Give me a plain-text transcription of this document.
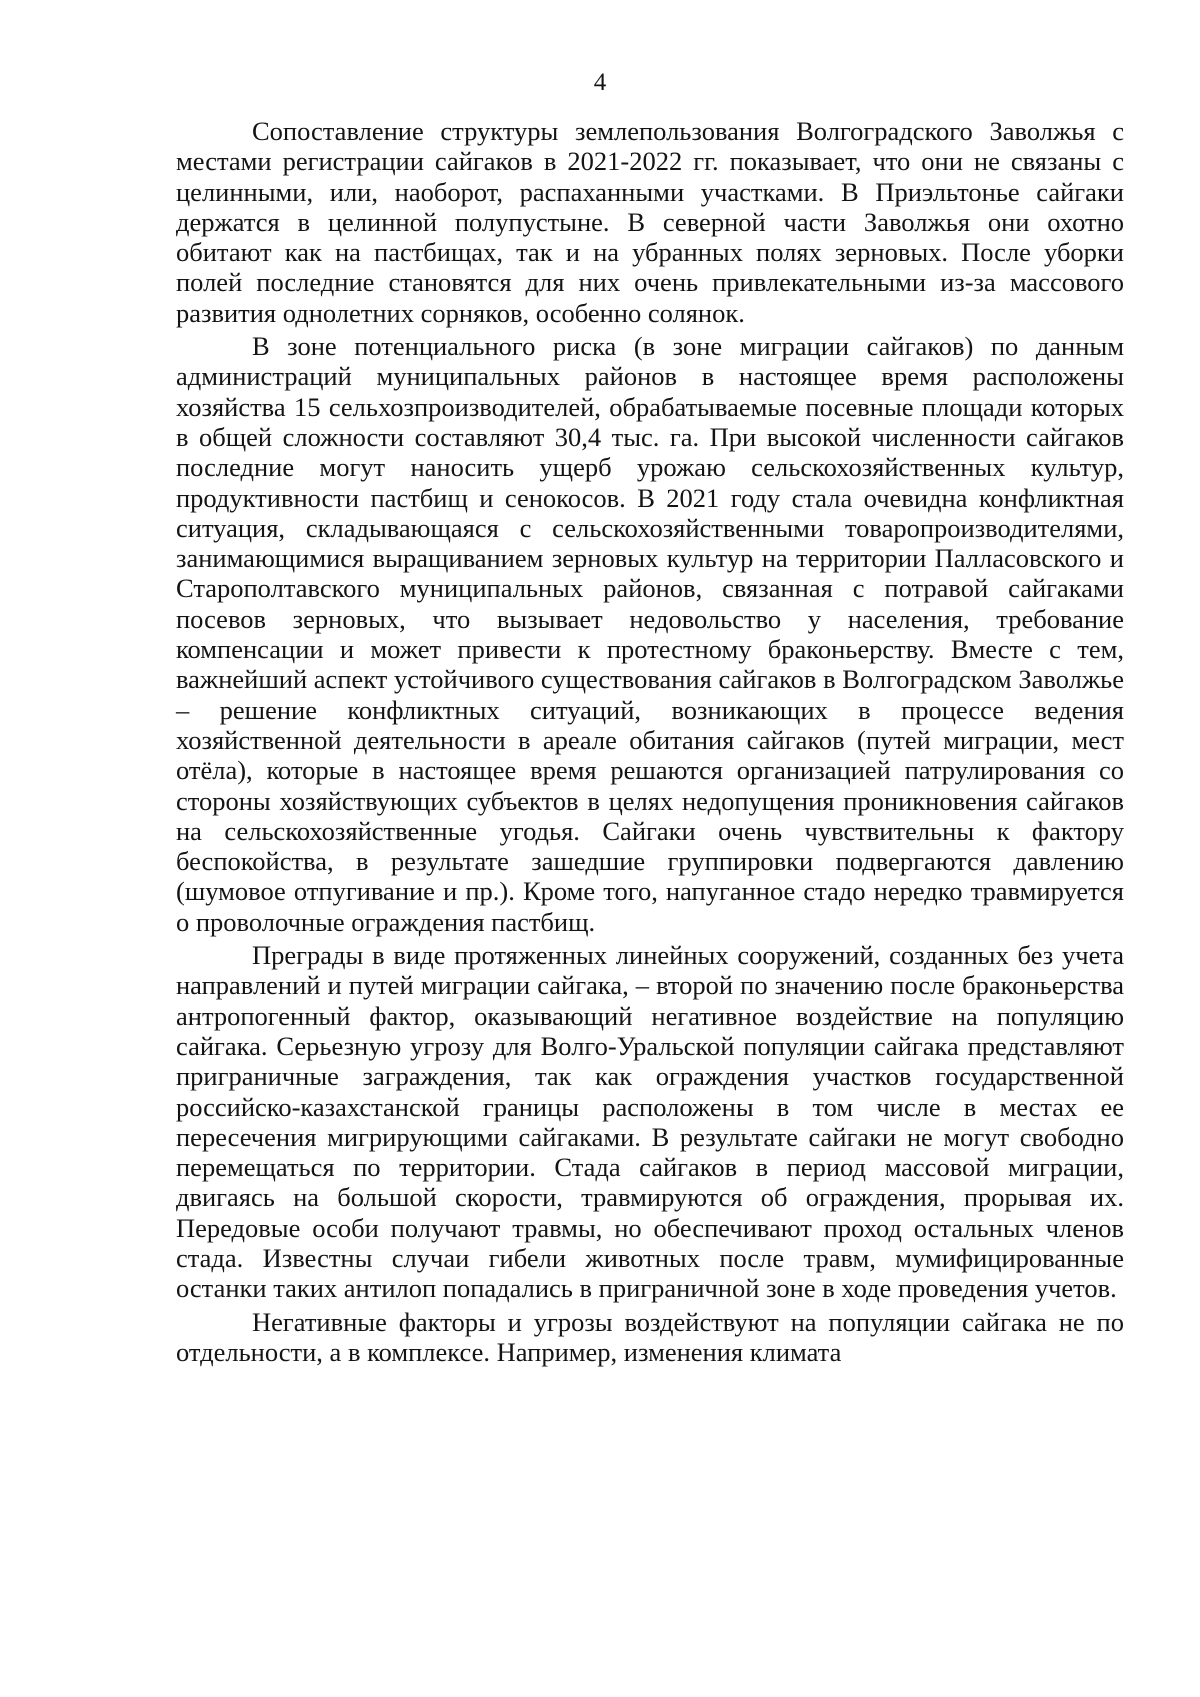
4

Сопоставление структуры землепользования Волгоградского Заволжья с местами регистрации сайгаков в 2021-2022 гг. показывает, что они не связаны с целинными, или, наоборот, распаханными участками. В Приэльтонье сайгаки держатся в целинной полупустыне. В северной части Заволжья они охотно обитают как на пастбищах, так и на убранных полях зерновых. После уборки полей последние становятся для них очень привлекательными из-за массового развития однолетних сорняков, особенно солянок.

В зоне потенциального риска (в зоне миграции сайгаков) по данным администраций муниципальных районов в настоящее время расположены хозяйства 15 сельхозпроизводителей, обрабатываемые посевные площади которых в общей сложности составляют 30,4 тыс. га. При высокой численности сайгаков последние могут наносить ущерб урожаю сельскохозяйственных культур, продуктивности пастбищ и сенокосов. В 2021 году стала очевидна конфликтная ситуация, складывающаяся с сельскохозяйственными товаропроизводителями, занимающимися выращиванием зерновых культур на территории Палласовского и Старополтавского муниципальных районов, связанная с потравой сайгаками посевов зерновых, что вызывает недовольство у населения, требование компенсации и может привести к протестному браконьерству. Вместе с тем, важнейший аспект устойчивого существования сайгаков в Волгоградском Заволжье – решение конфликтных ситуаций, возникающих в процессе ведения хозяйственной деятельности в ареале обитания сайгаков (путей миграции, мест отёла), которые в настоящее время решаются организацией патрулирования со стороны хозяйствующих субъектов в целях недопущения проникновения сайгаков на сельскохозяйственные угодья. Сайгаки очень чувствительны к фактору беспокойства, в результате зашедшие группировки подвергаются давлению (шумовое отпугивание и пр.). Кроме того, напуганное стадо нередко травмируется о проволочные ограждения пастбищ.

Преграды в виде протяженных линейных сооружений, созданных без учета направлений и путей миграции сайгака, – второй по значению после браконьерства антропогенный фактор, оказывающий негативное воздействие на популяцию сайгака. Серьезную угрозу для Волго-Уральской популяции сайгака представляют приграничные заграждения, так как ограждения участков государственной российско-казахстанской границы расположены в том числе в местах ее пересечения мигрирующими сайгаками. В результате сайгаки не могут свободно перемещаться по территории. Стада сайгаков в период массовой миграции, двигаясь на большой скорости, травмируются об ограждения, прорывая их. Передовые особи получают травмы, но обеспечивают проход остальных членов стада. Известны случаи гибели животных после травм, мумифицированные останки таких антилоп попадались в приграничной зоне в ходе проведения учетов.

Негативные факторы и угрозы воздействуют на популяции сайгака не по отдельности, а в комплексе. Например, изменения климата
